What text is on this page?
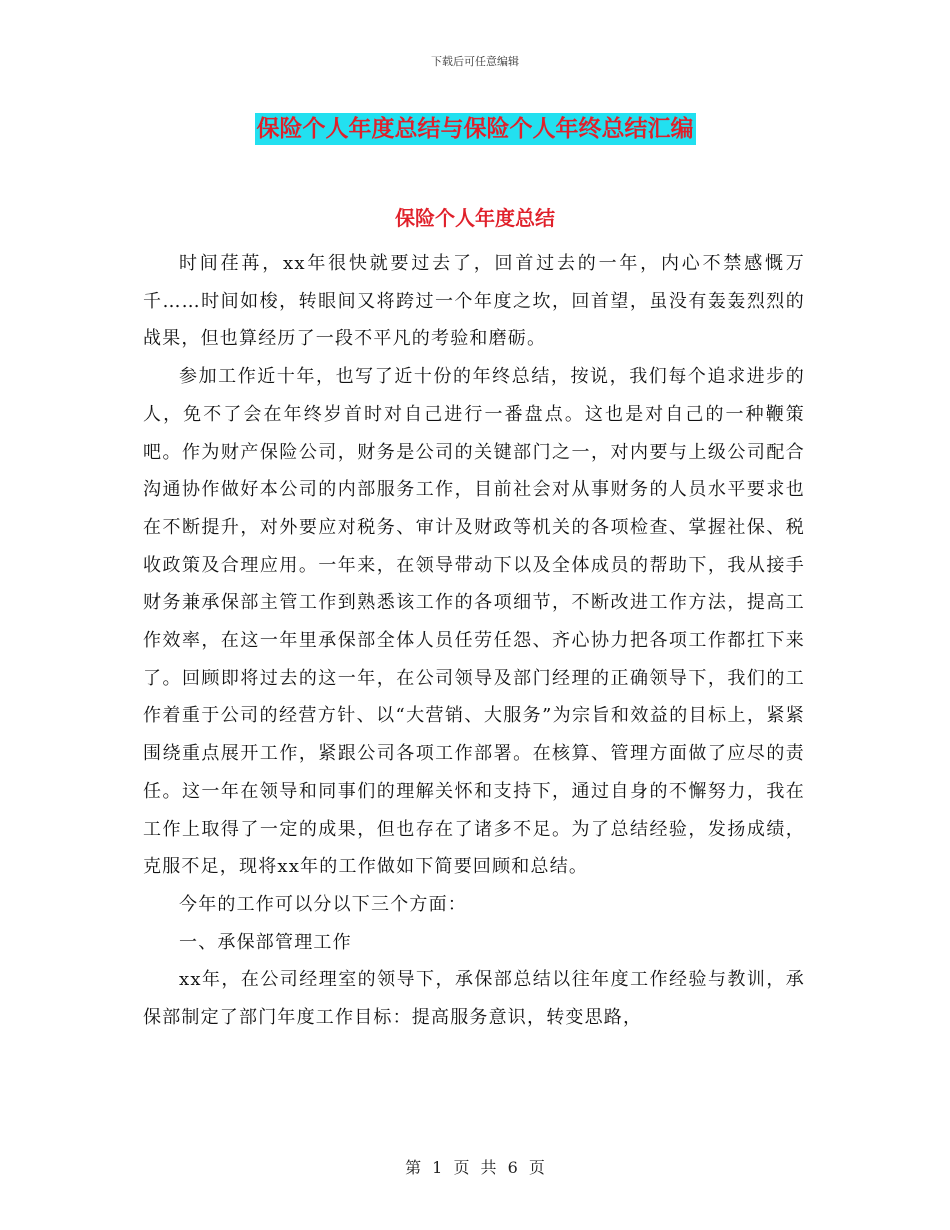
下载后可任意编辑
保险个人年度总结与保险个人年终总结汇编
保险个人年度总结

时间荏苒，xx年很快就要过去了，回首过去的一年，内心不禁感慨万千……时间如梭，转眼间又将跨过一个年度之坎，回首望，虽没有轰轰烈烈的战果，但也算经历了一段不平凡的考验和磨砺。

参加工作近十年，也写了近十份的年终总结，按说，我们每个追求进步的人，免不了会在年终岁首时对自己进行一番盘点。这也是对自己的一种鞭策吧。作为财产保险公司，财务是公司的关键部门之一，对内要与上级公司配合沟通协作做好本公司的内部服务工作，目前社会对从事财务的人员水平要求也在不断提升，对外要应对税务、审计及财政等机关的各项检查、掌握社保、税收政策及合理应用。一年来，在领导带动下以及全体成员的帮助下，我从接手财务兼承保部主管工作到熟悉该工作的各项细节，不断改进工作方法，提高工作效率，在这一年里承保部全体人员任劳任怨、齐心协力把各项工作都扛下来了。回顾即将过去的这一年，在公司领导及部门经理的正确领导下，我们的工作着重于公司的经营方针、以“大营销、大服务”为宗旨和效益的目标上，紧紧围绕重点展开工作，紧跟公司各项工作部署。在核算、管理方面做了应尽的责任。这一年在领导和同事们的理解关怀和支持下，通过自身的不懈努力，我在工作上取得了一定的成果，但也存在了诸多不足。为了总结经验，发扬成绩，克服不足，现将xx年的工作做如下简要回顾和总结。

今年的工作可以分以下三个方面：

一、承保部管理工作

xx年，在公司经理室的领导下，承保部总结以往年度工作经验与教训，承保部制定了部门年度工作目标：提高服务意识，转变思路，

第 1 页 共 6 页
